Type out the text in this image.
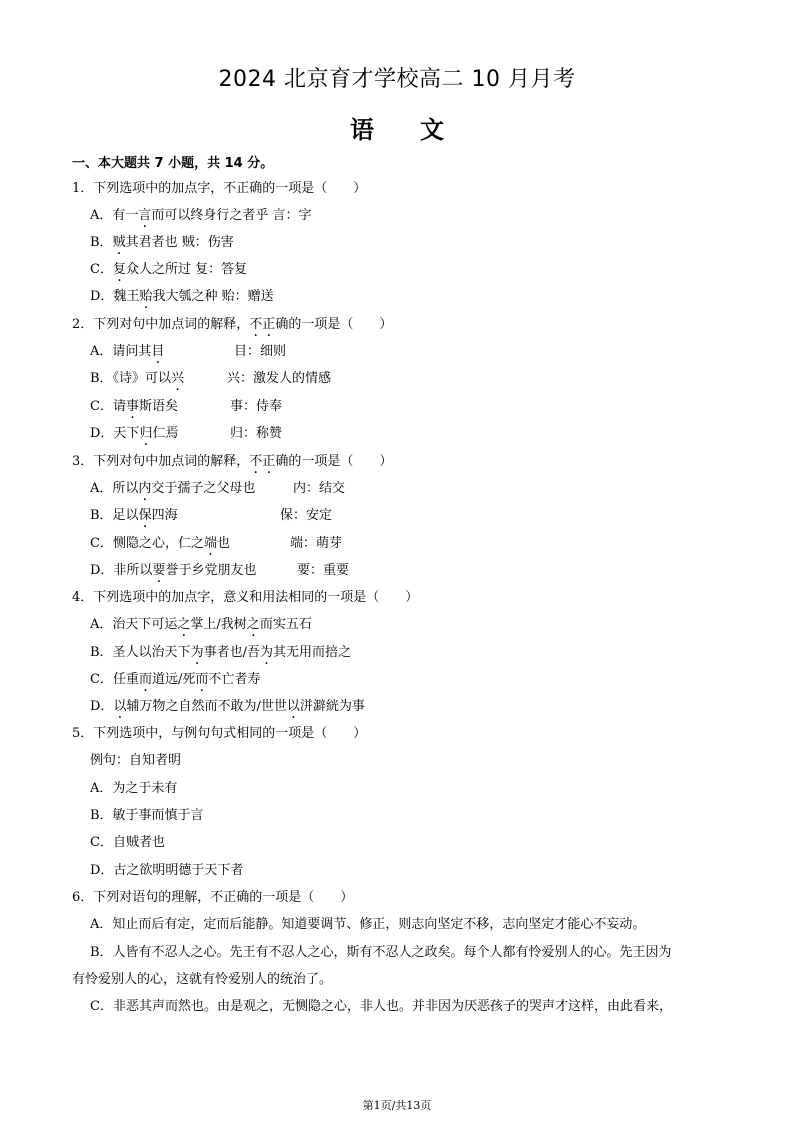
2024 北京育才学校高二 10 月月考
语文
一、本大题共 7 小题，共 14 分。
1．下列选项中的加点字，不正确的一项是（　　）
A．有一言而可以终身行之者乎 言：字
B．贼其君者也 贼：伤害
C．复众人之所过 复：答复
D．魏王贻我大瓠之种 贻：赠送
2．下列对句中加点词的解释，不正确的一项是（　　）
A．请问其目	目：细则
B．《诗》可以兴	兴：激发人的情感
C．请事斯语矣	事：侍奉
D．天下归仁焉	归：称赞
3．下列对句中加点词的解释，不正确的一项是（　　）
A．所以内交于孺子之父母也	内：结交
B．足以保四海	保：安定
C．恻隐之心，仁之端也	端：萌芽
D．非所以要誉于乡党朋友也	要：重要
4．下列选项中的加点字，意义和用法相同的一项是（　　）
A．治天下可运之掌上/我树之而实五石
B．圣人以治天下为事者也/吾为其无用而掊之
C．任重而道远/死而不亡者寿
D．以辅万物之自然而不敢为/世世以洴澼絖为事
5．下列选项中，与例句句式相同的一项是（　　）
例句：自知者明
A．为之于未有
B．敏于事而慎于言
C．自贼者也
D．古之欲明明德于天下者
6．下列对语句的理解，不正确的一项是（　　）
A．知止而后有定，定而后能静。知道要调节、修正，则志向坚定不移，志向坚定才能心不妄动。
B．人皆有不忍人之心。先王有不忍人之心，斯有不忍人之政矣。每个人都有怜爱别人的心。先王因为
有怜爱别人的心，这就有怜爱别人的统治了。
C．非恶其声而然也。由是观之，无恻隐之心，非人也。并非因为厌恶孩子的哭声才这样，由此看来，
第1页/共13页
